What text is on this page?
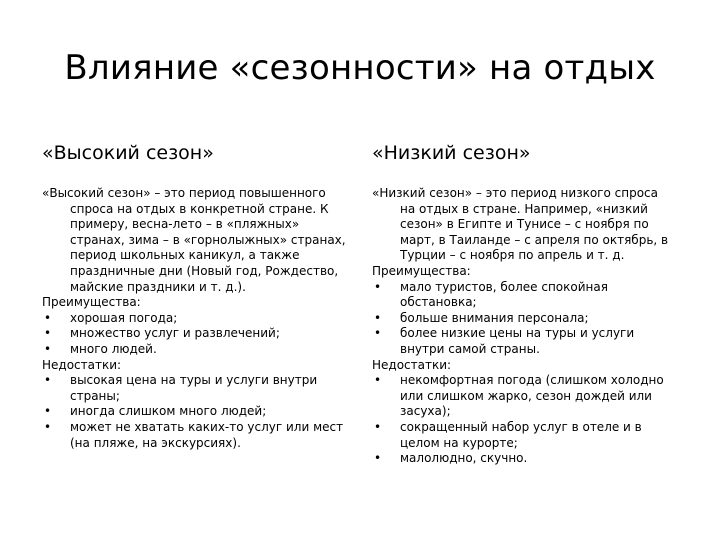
Влияние «сезонности» на отдых
«Высокий сезон»

«Высокий сезон» – это период повышенного спроса на отдых в конкретной стране. К примеру, весна-лето – в «пляжных» странах, зима – в «горнолыжных» странах, период школьных каникул, а также праздничные дни (Новый год, Рождество, майские праздники и т. д.).

Преимущества:

• хорошая погода;
• множество услуг и развлечений;
• много людей.

Недостатки:

• высокая цена на туры и услуги внутри страны;
• иногда слишком много людей;
• может не хватать каких-то услуг или мест (на пляже, на экскурсиях).
«Низкий сезон»

«Низкий сезон» – это период низкого спроса на отдых в стране. Например, «низкий сезон» в Египте и Тунисе – с ноября по март, в Таиланде – с апреля по октябрь, в Турции – с ноября по апрель и т. д.

Преимущества:

• мало туристов, более спокойная обстановка;
• больше внимания персонала;
• более низкие цены на туры и услуги внутри самой страны.

Недостатки:

• некомфортная погода (слишком холодно или слишком жарко, сезон дождей или засуха);
• сокращенный набор услуг в отеле и в целом на курорте;
• малолюдно, скучно.
